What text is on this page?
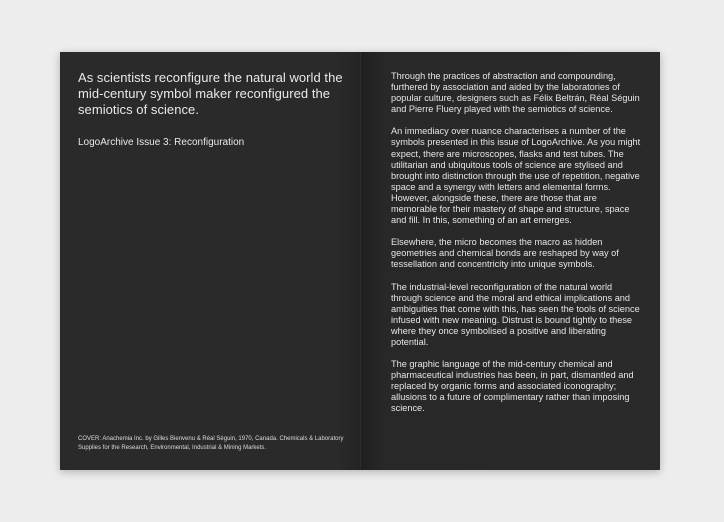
As scientists reconfigure the natural world the mid-century symbol maker reconfigured the semiotics of science.

LogoArchive Issue 3: Reconfiguration

COVER: Anachemia Inc. by Gilles Bienvenu & Réal Séguin, 1970, Canada. Chemicals & Laboratory Supplies for the Research, Environmental, Industrial & Mining Markets.

Through the practices of abstraction and compounding, furthered by association and aided by the laboratories of popular culture, designers such as Félix Beltrán, Réal Séguin and Pierre Fluery played with the semiotics of science.

An immediacy over nuance characterises a number of the symbols presented in this issue of LogoArchive. As you might expect, there are microscopes, flasks and test tubes. The utilitarian and ubiquitous tools of science are stylised and brought into distinction through the use of repetition, negative space and a synergy with letters and elemental forms. However, alongside these, there are those that are memorable for their mastery of shape and structure, space and fill. In this, something of an art emerges.

Elsewhere, the micro becomes the macro as hidden geometries and chemical bonds are reshaped by way of tessellation and concentricity into unique symbols.

The industrial-level reconfiguration of the natural world through science and the moral and ethical implications and ambiguities that come with this, has seen the tools of science infused with new meaning. Distrust is bound tightly to these where they once symbolised a positive and liberating potential.

The graphic language of the mid-century chemical and pharmaceutical industries has been, in part, dismantled and replaced by organic forms and associated iconography; allusions to a future of complimentary rather than imposing science.
